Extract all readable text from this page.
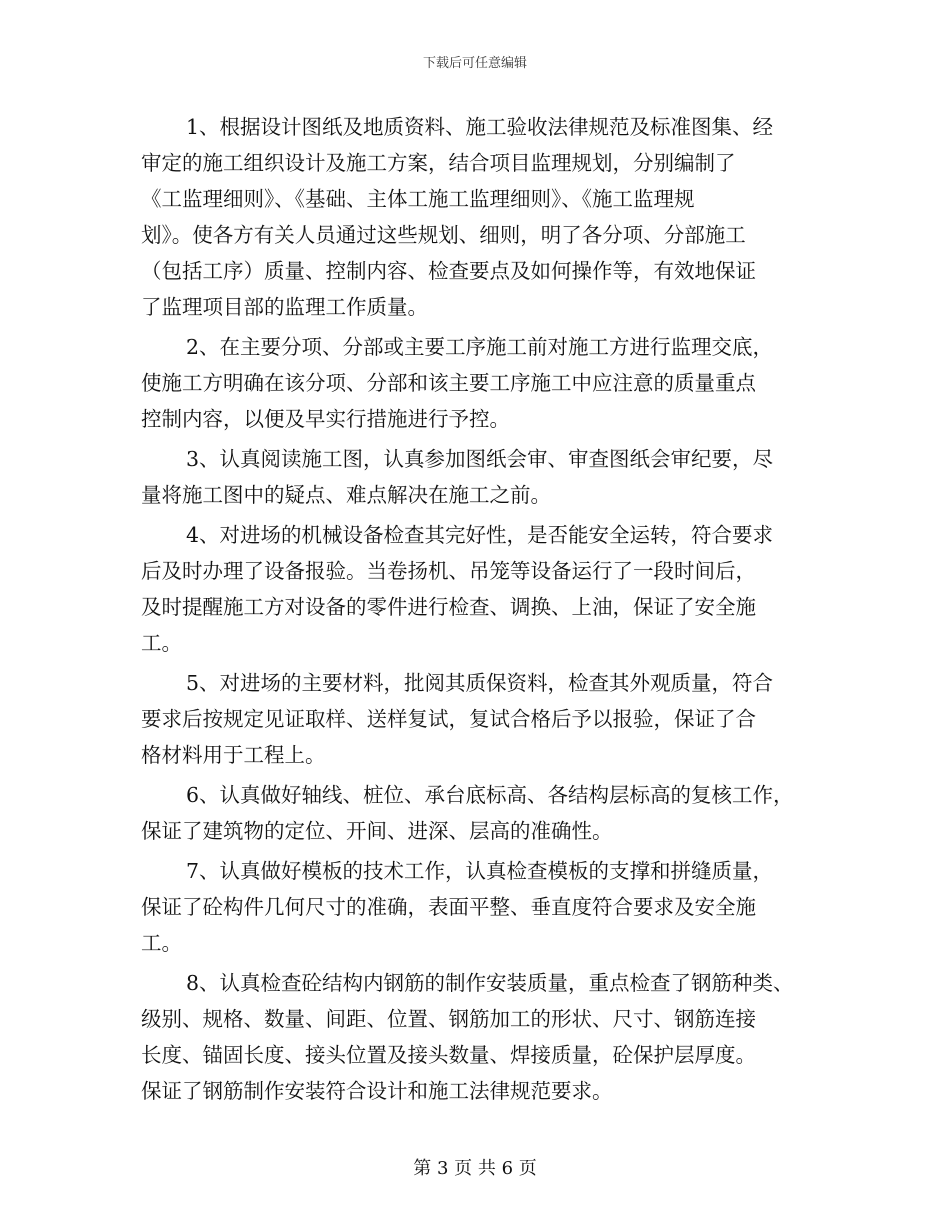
下载后可任意编辑
1、根据设计图纸及地质资料、施工验收法律规范及标准图集、经
审定的施工组织设计及施工方案，结合项目监理规划，分别编制了
《工监理细则》、《基础、主体工施工监理细则》、《施工监理规
划》。使各方有关人员通过这些规划、细则，明了各分项、分部施工
（包括工序）质量、控制内容、检查要点及如何操作等，有效地保证
了监理项目部的监理工作质量。
2、在主要分项、分部或主要工序施工前对施工方进行监理交底，
使施工方明确在该分项、分部和该主要工序施工中应注意的质量重点
控制内容，以便及早实行措施进行予控。
3、认真阅读施工图，认真参加图纸会审、审查图纸会审纪要，尽
量将施工图中的疑点、难点解决在施工之前。
4、对进场的机械设备检查其完好性，是否能安全运转，符合要求
后及时办理了设备报验。当卷扬机、吊笼等设备运行了一段时间后，
及时提醒施工方对设备的零件进行检查、调换、上油，保证了安全施
工。
5、对进场的主要材料，批阅其质保资料，检查其外观质量，符合
要求后按规定见证取样、送样复试，复试合格后予以报验，保证了合
格材料用于工程上。
6、认真做好轴线、桩位、承台底标高、各结构层标高的复核工作，
保证了建筑物的定位、开间、进深、层高的准确性。
7、认真做好模板的技术工作，认真检查模板的支撑和拼缝质量，
保证了砼构件几何尺寸的准确，表面平整、垂直度符合要求及安全施
工。
8、认真检查砼结构内钢筋的制作安装质量，重点检查了钢筋种类、
级别、规格、数量、间距、位置、钢筋加工的形状、尺寸、钢筋连接
长度、锚固长度、接头位置及接头数量、焊接质量，砼保护层厚度。
保证了钢筋制作安装符合设计和施工法律规范要求。
第 3 页 共 6 页
